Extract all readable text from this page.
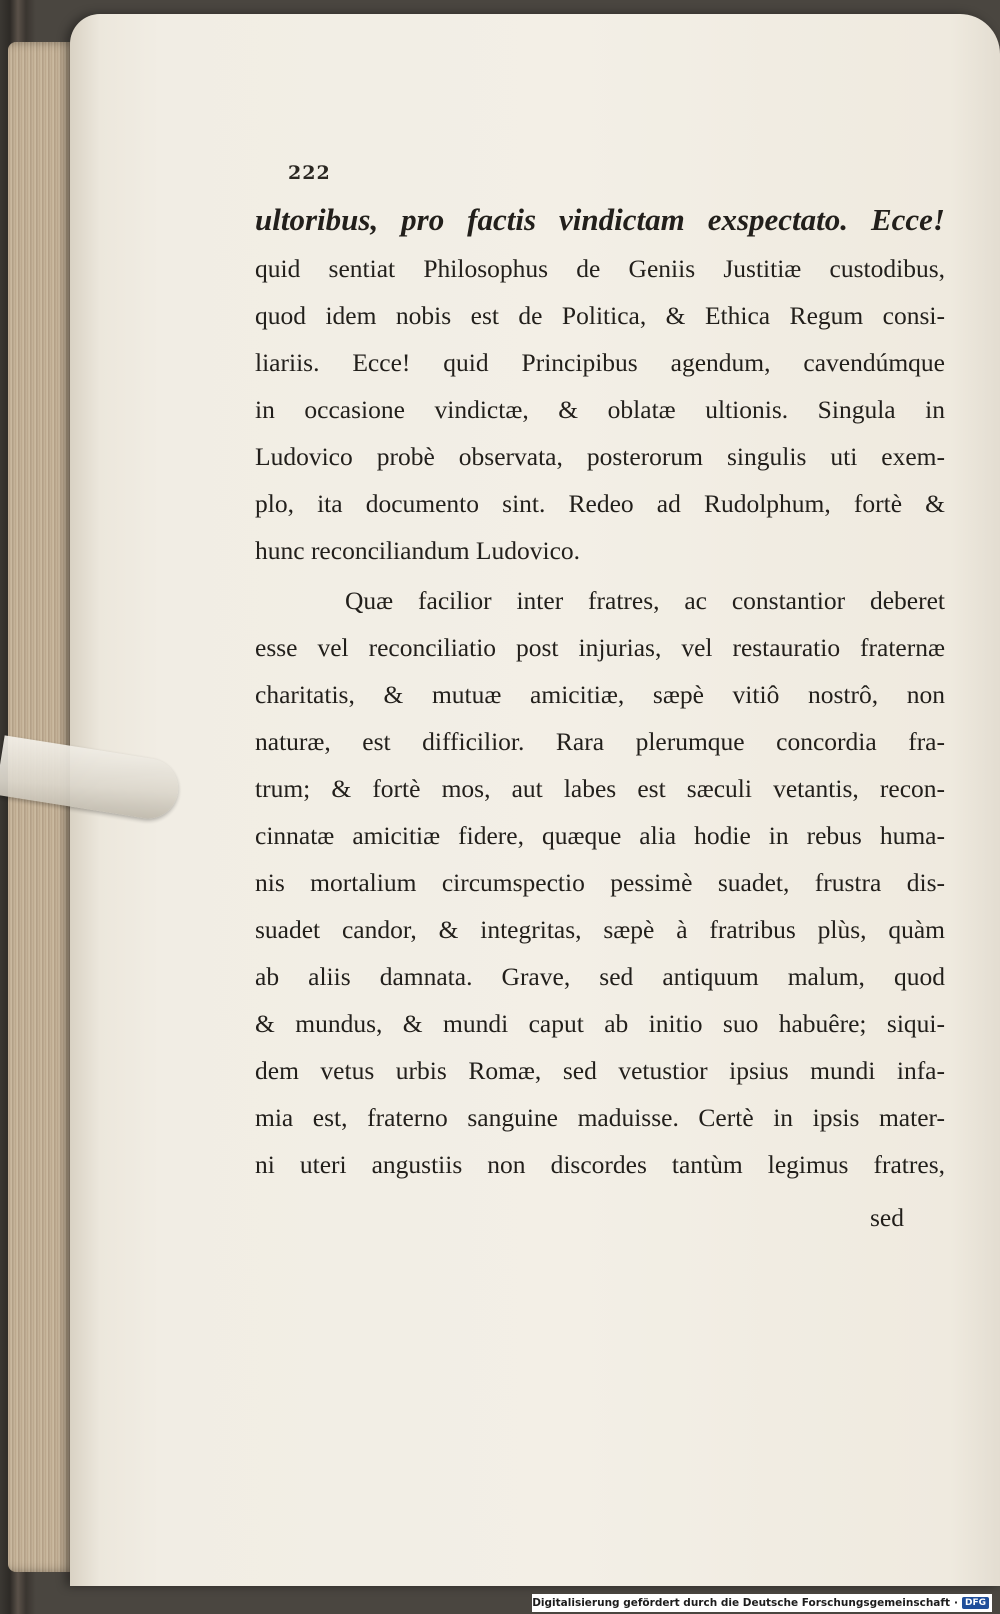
222
ultoribus, pro factis vindictam exspectato. Ecce!
quid sentiat Philosophus de Geniis Justitiæ custodibus,
quod idem nobis est de Politica, & Ethica Regum consi-
liariis. Ecce! quid Principibus agendum, cavendúmque
in occasione vindictæ, & oblatæ ultionis. Singula in
Ludovico probè observata, posterorum singulis uti exem-
plo, ita documento sint. Redeo ad Rudolphum, fortè &
hunc reconciliandum Ludovico.
Quæ facilior inter fratres, ac constantior deberet
esse vel reconciliatio post injurias, vel restauratio fraternæ
charitatis, & mutuæ amicitiæ, sæpè vitiô nostrô, non
naturæ, est difficilior. Rara plerumque concordia fra-
trum; & fortè mos, aut labes est sæculi vetantis, recon-
cinnatæ amicitiæ fidere, quæque alia hodie in rebus huma-
nis mortalium circumspectio pessimè suadet, frustra dis-
suadet candor, & integritas, sæpè à fratribus plùs, quàm
ab aliis damnata. Grave, sed antiquum malum, quod
& mundus, & mundi caput ab initio suo habuêre; siqui-
dem vetus urbis Romæ, sed vetustior ipsius mundi infa-
mia est, fraterno sanguine maduisse. Certè in ipsis mater-
ni uteri angustiis non discordes tantùm legimus fratres,
sed
Digitalisierung gefördert durch die Deutsche Forschungsgemeinschaft · DFG
